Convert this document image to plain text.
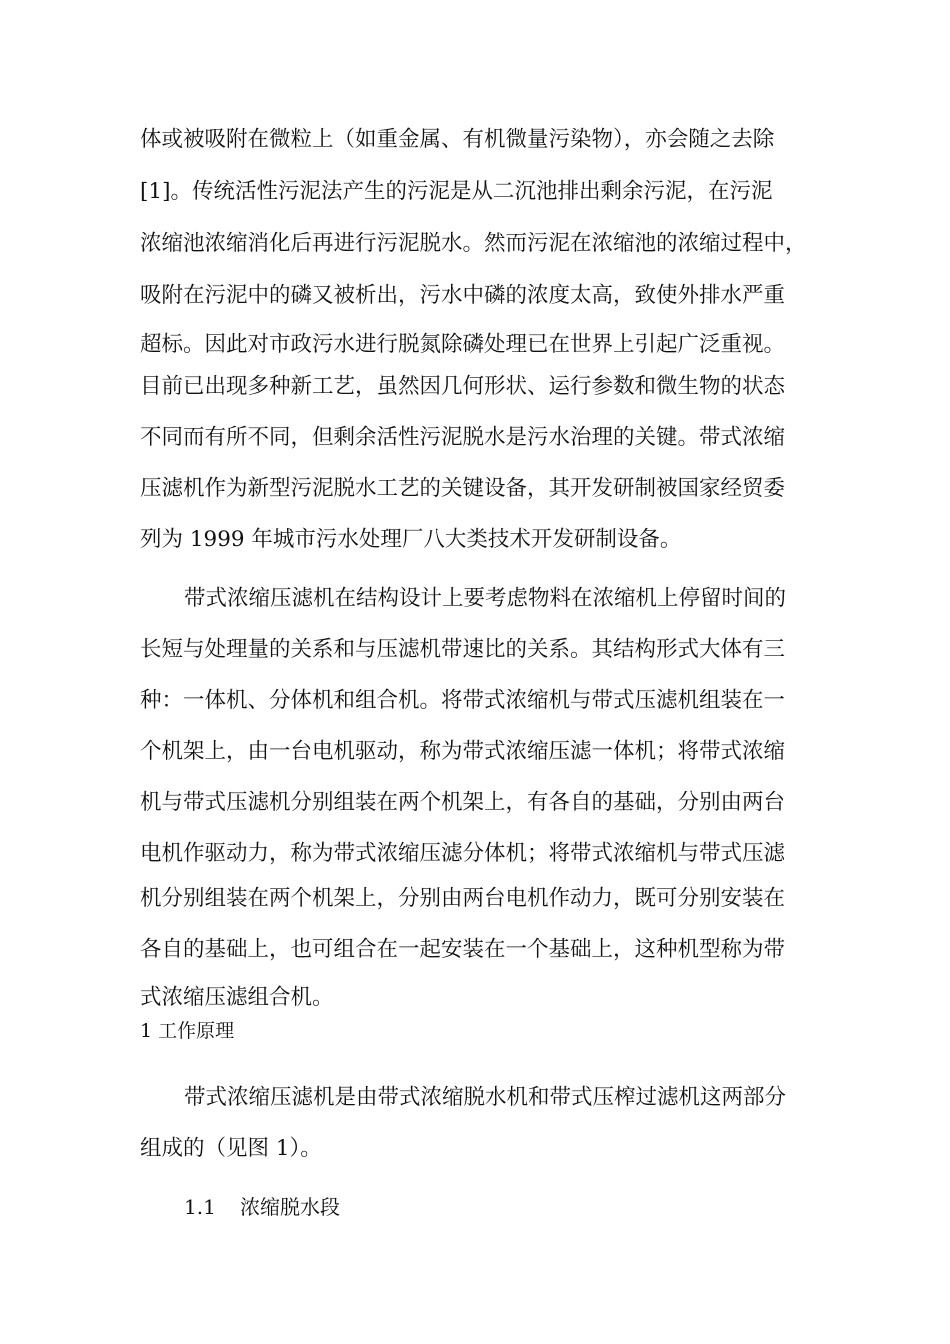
体或被吸附在微粒上（如重金属、有机微量污染物），亦会随之去除
[1]。传统活性污泥法产生的污泥是从二沉池排出剩余污泥，在污泥
浓缩池浓缩消化后再进行污泥脱水。然而污泥在浓缩池的浓缩过程中，
吸附在污泥中的磷又被析出，污水中磷的浓度太高，致使外排水严重
超标。因此对市政污水进行脱氮除磷处理已在世界上引起广泛重视。
目前已出现多种新工艺，虽然因几何形状、运行参数和微生物的状态
不同而有所不同，但剩余活性污泥脱水是污水治理的关键。带式浓缩
压滤机作为新型污泥脱水工艺的关键设备，其开发研制被国家经贸委
列为 1999 年城市污水处理厂八大类技术开发研制设备。
带式浓缩压滤机在结构设计上要考虑物料在浓缩机上停留时间的
长短与处理量的关系和与压滤机带速比的关系。其结构形式大体有三
种：一体机、分体机和组合机。将带式浓缩机与带式压滤机组装在一
个机架上，由一台电机驱动，称为带式浓缩压滤一体机；将带式浓缩
机与带式压滤机分别组装在两个机架上，有各自的基础，分别由两台
电机作驱动力，称为带式浓缩压滤分体机；将带式浓缩机与带式压滤
机分别组装在两个机架上，分别由两台电机作动力，既可分别安装在
各自的基础上，也可组合在一起安装在一个基础上，这种机型称为带
式浓缩压滤组合机。
1 工作原理
带式浓缩压滤机是由带式浓缩脱水机和带式压榨过滤机这两部分
组成的（见图 1）。
1.1 浓缩脱水段
